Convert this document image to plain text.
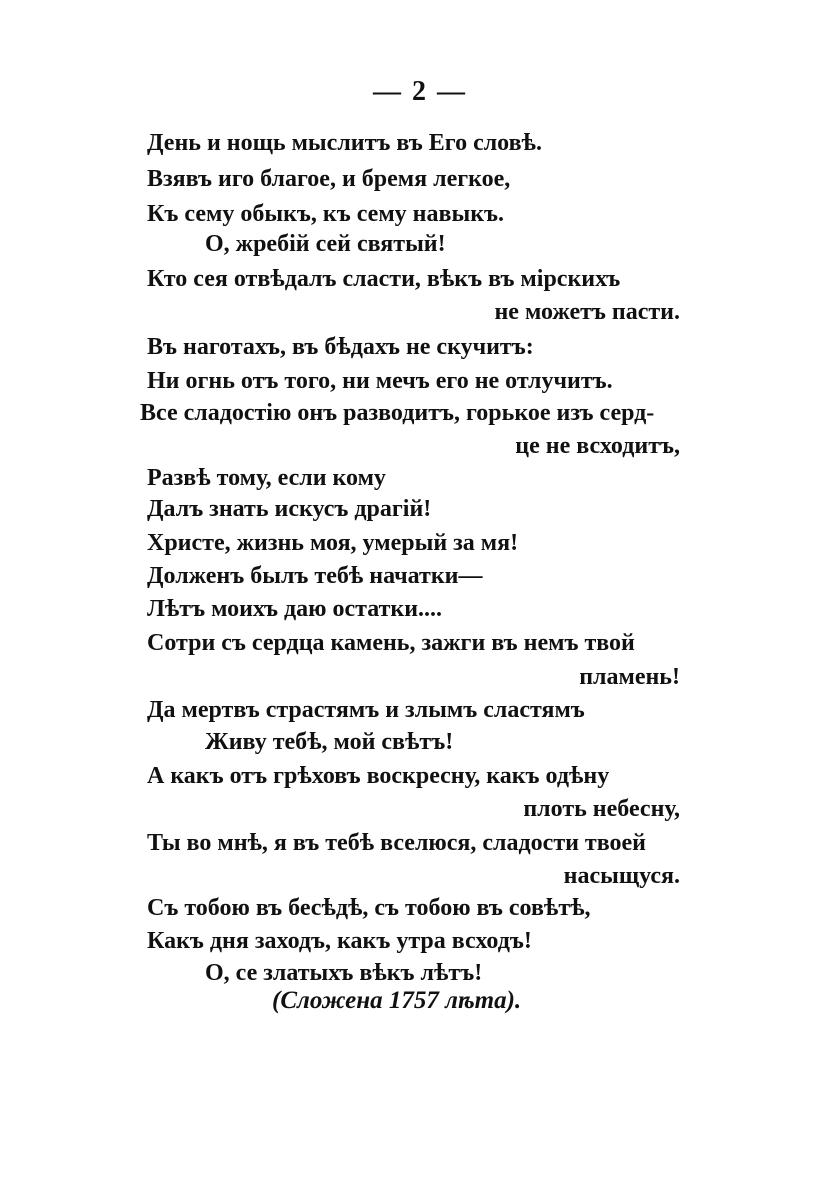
— 2 —
День и нощь мыслитъ въ Его словѣ.
Взявъ иго благое, и бремя легкое,
Къ сему обыкъ, къ сему навыкъ.
О, жребій сей святый!
Кто сея отвѣдалъ сласти, вѣкъ въ мірскихъ
не можетъ пасти.
Въ наготахъ, въ бѣдахъ не скучитъ:
Ни огнь отъ того, ни мечъ его не отлучитъ.
Все сладостію онъ разводитъ, горькое изъ серд-
це не всходитъ,
Развѣ тому, если кому
Далъ знать искусъ драгій!
Христе, жизнь моя, умерый за мя!
Долженъ былъ тебѣ начатки—
Лѣтъ моихъ даю остатки....
Сотри съ сердца камень, зажги въ немъ твой
пламень!
Да мертвъ страстямъ и злымъ сластямъ
Живу тебѣ, мой свѣтъ!
А какъ отъ грѣховъ воскресну, какъ одѣну
плоть небесну,
Ты во мнѣ, я въ тебѣ вселюся, сладости твоей
насыщуся.
Съ тобою въ бесѣдѣ, съ тобою въ совѣтѣ,
Какъ дня заходъ, какъ утра всходъ!
О, се златыхъ вѣкъ лѣтъ!
(Сложена 1757 лѣта).
